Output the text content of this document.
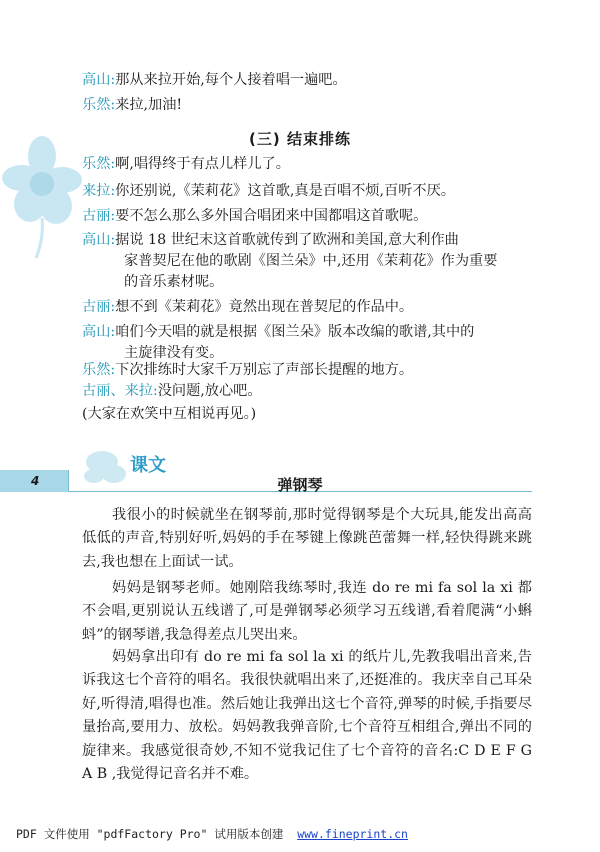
高山:那从来拉开始,每个人接着唱一遍吧。
乐然:来拉,加油!
(三) 结束排练
乐然:啊,唱得终于有点儿样儿了。
来拉:你还别说,《茉莉花》这首歌,真是百唱不烦,百听不厌。
古丽:要不怎么那么多外国合唱团来中国都唱这首歌呢。
高山:据说 18 世纪末这首歌就传到了欧洲和美国,意大利作曲
家普契尼在他的歌剧《图兰朵》中,还用《茉莉花》作为重要
的音乐素材呢。
古丽:想不到《茉莉花》竟然出现在普契尼的作品中。
高山:咱们今天唱的就是根据《图兰朵》版本改编的歌谱,其中的
主旋律没有变。
乐然:下次排练时大家千万别忘了声部长提醒的地方。
古丽、来拉:没问题,放心吧。
(大家在欢笑中互相说再见。)
课文
4	弹钢琴
我很小的时候就坐在钢琴前,那时觉得钢琴是个大玩具,能发出高高低低的声音,特别好听,妈妈的手在琴键上像跳芭蕾舞一样,轻快得跳来跳去,我也想在上面试一试。
妈妈是钢琴老师。她刚陪我练琴时,我连 do re mi fa sol la xi 都不会唱,更别说认五线谱了,可是弹钢琴必须学习五线谱,看着爬满“小蝌蚪”的钢琴谱,我急得差点儿哭出来。
妈妈拿出印有 do re mi fa sol la xi 的纸片儿,先教我唱出音来,告诉我这七个音符的唱名。我很快就唱出来了,还挺准的。我庆幸自己耳朵好,听得清,唱得也准。然后她让我弹出这七个音符,弹琴的时候,手指要尽量抬高,要用力、放松。妈妈教我弹音阶,七个音符互相组合,弹出不同的旋律来。我感觉很奇妙,不知不觉我记住了七个音符的音名:C D E F G A B ,我觉得记音名并不难。
PDF 文件使用 "pdfFactory Pro" 试用版本创建 www.fineprint.cn
